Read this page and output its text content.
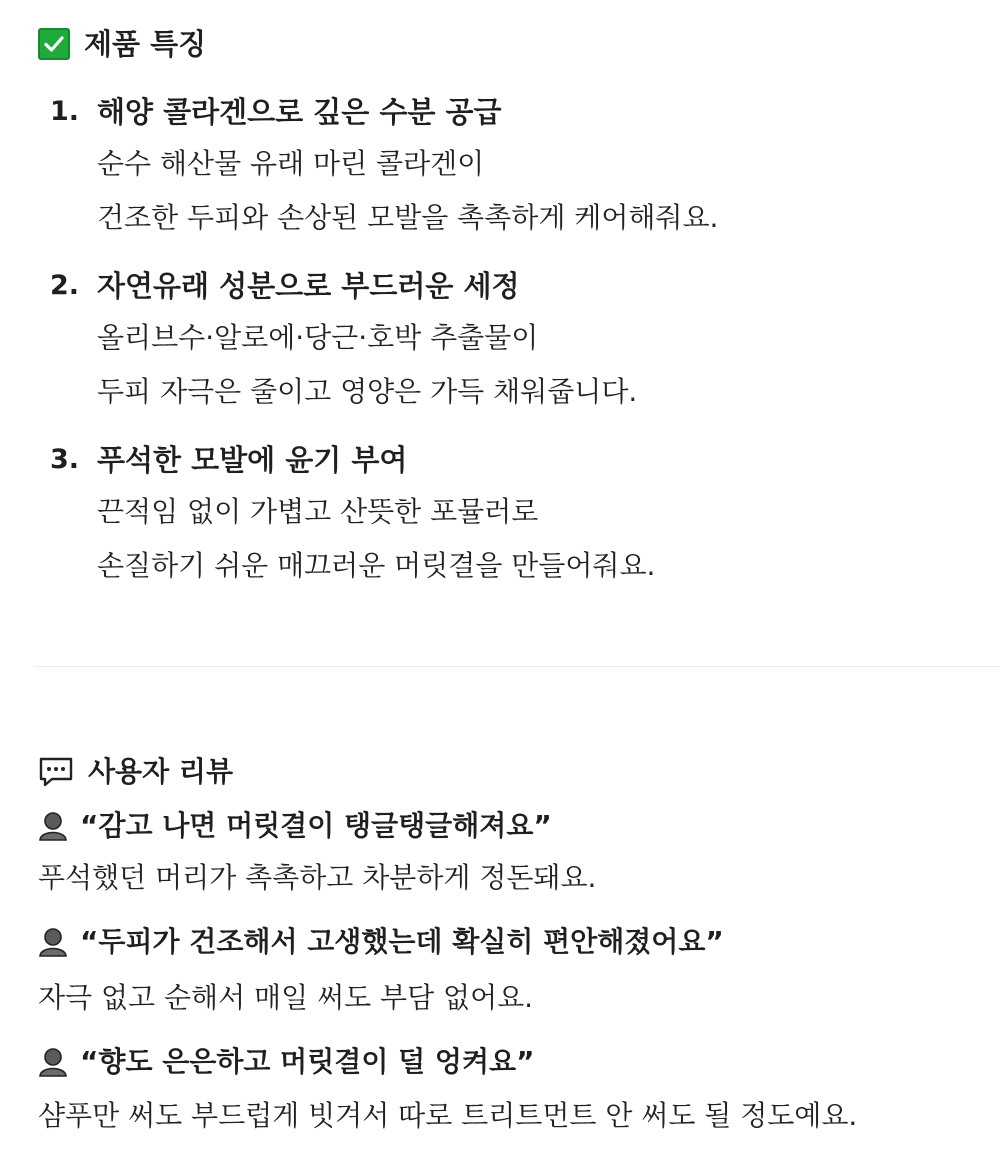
제품 특징
1. 해양 콜라겐으로 깊은 수분 공급
순수 해산물 유래 마린 콜라겐이
건조한 두피와 손상된 모발을 촉촉하게 케어해줘요.
2. 자연유래 성분으로 부드러운 세정
올리브수·알로에·당근·호박 추출물이
두피 자극은 줄이고 영양은 가득 채워줍니다.
3. 푸석한 모발에 윤기 부여
끈적임 없이 가볍고 산뜻한 포뮬러로
손질하기 쉬운 매끄러운 머릿결을 만들어줘요.
사용자 리뷰
“감고 나면 머릿결이 탱글탱글해져요”
푸석했던 머리가 촉촉하고 차분하게 정돈돼요.
“두피가 건조해서 고생했는데 확실히 편안해졌어요”
자극 없고 순해서 매일 써도 부담 없어요.
“향도 은은하고 머릿결이 덜 엉켜요”
샴푸만 써도 부드럽게 빗겨서 따로 트리트먼트 안 써도 될 정도예요.
